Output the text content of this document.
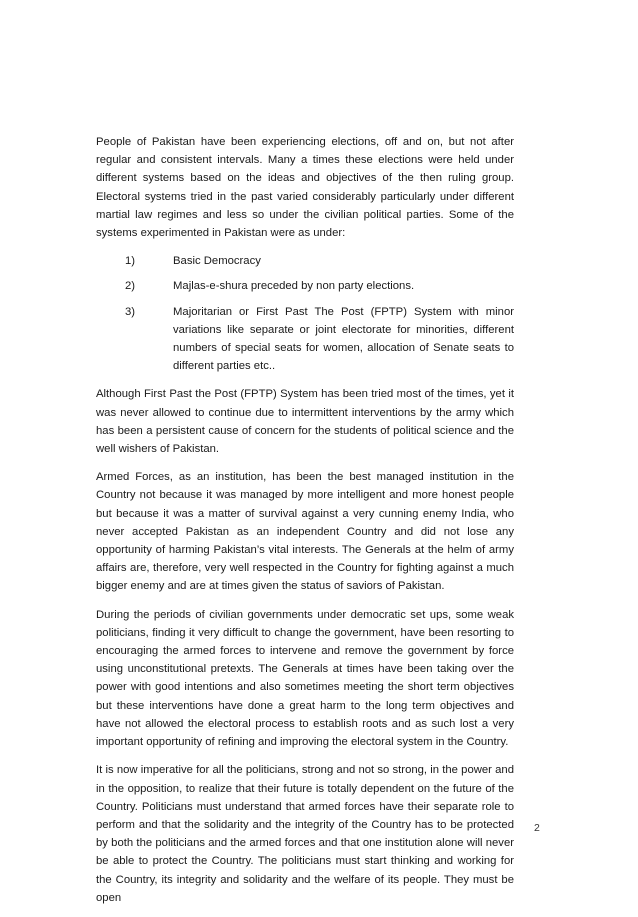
People of Pakistan have been experiencing elections, off and on, but not after regular and consistent intervals. Many a times these elections were held under different systems based on the ideas and objectives of the then ruling group. Electoral systems tried in the past varied considerably particularly under different martial law regimes and less so under the civilian political parties. Some of the systems experimented in Pakistan were as under:

1)	Basic Democracy
2)	Majlas-e-shura preceded by non party elections.
3)	Majoritarian or First Past The Post (FPTP) System with minor variations like separate or joint electorate for minorities, different numbers of special seats for women, allocation of Senate seats to different parties etc..

Although First Past the Post (FPTP) System has been tried most of the times, yet it was never allowed to continue due to intermittent interventions by the army which has been a persistent cause of concern for the students of political science and the well wishers of Pakistan.

Armed Forces, as an institution, has been the best managed institution in the Country not because it was managed by more intelligent and more honest people but because it was a matter of survival against a very cunning enemy India, who never accepted Pakistan as an independent Country and did not lose any opportunity of harming Pakistan’s vital interests. The Generals at the helm of army affairs are, therefore, very well respected in the Country for fighting against a much bigger enemy and are at times given the status of saviors of Pakistan.

During the periods of civilian governments under democratic set ups, some weak politicians, finding it very difficult to change the government, have been resorting to encouraging the armed forces to intervene and remove the government by force using unconstitutional pretexts. The Generals at times have been taking over the power with good intentions and also sometimes meeting the short term objectives but these interventions have done a great harm to the long term objectives and have not allowed the electoral process to establish roots and as such lost a very important opportunity of refining and improving the electoral system in the Country.

It is now imperative for all the politicians, strong and not so strong, in the power and in the opposition, to realize that their future is totally dependent on the future of the Country. Politicians must understand that armed forces have their separate role to perform and that the solidarity and the integrity of the Country has to be protected by both the politicians and the armed forces and that one institution alone will never be able to protect the Country. The politicians must start thinking and working for the Country, its integrity and solidarity and the welfare of its people. They must be open

2
